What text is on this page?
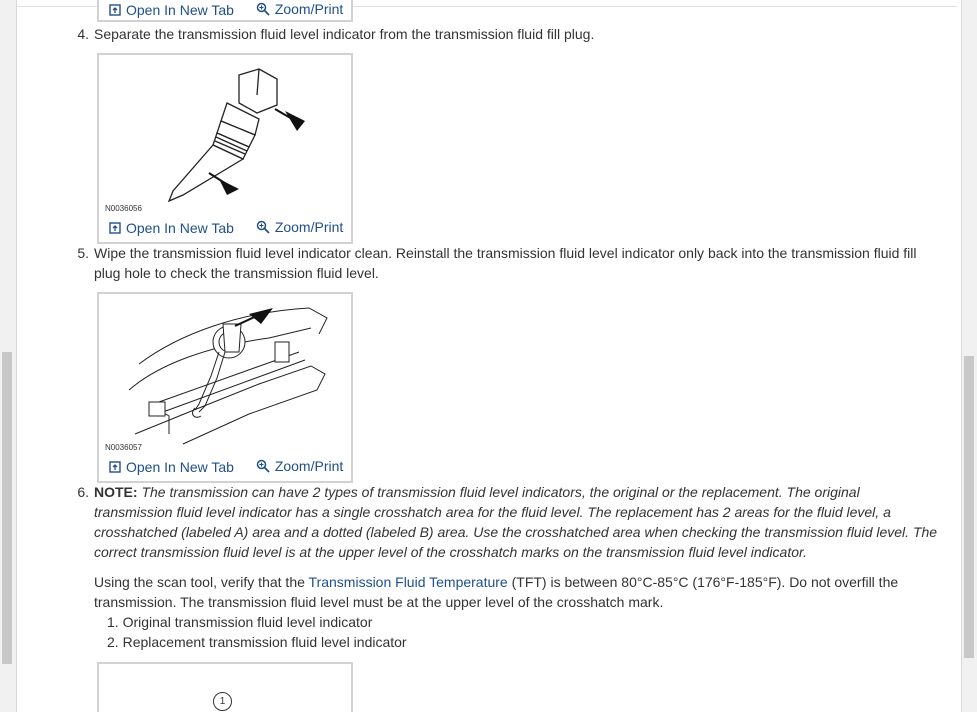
Open In New Tab
	Zoom/Print
4. Separate the transmission fluid level indicator from the transmission fluid fill plug.
N0036056
Open In New Tab
	Zoom/Print
5. Wipe the transmission fluid level indicator clean. Reinstall the transmission fluid level indicator only back into the transmission fluid fill
plug hole to check the transmission fluid level.
N0036057
Open In New Tab
	Zoom/Print
6. NOTE: The transmission can have 2 types of transmission fluid level indicators, the original or the replacement. The original
transmission fluid level indicator has a single crosshatch area for the fluid level. The replacement has 2 areas for the fluid level, a
crosshatched (labeled A) area and a dotted (labeled B) area. Use the crosshatched area when checking the transmission fluid level. The
correct transmission fluid level is at the upper level of the crosshatch marks on the transmission fluid level indicator.
Using the scan tool, verify that the Transmission Fluid Temperature (TFT) is between 80°C-85°C (176°F-185°F). Do not overfill the
transmission. The transmission fluid level must be at the upper level of the crosshatch mark.
1. Original transmission fluid level indicator
2. Replacement transmission fluid level indicator
1
